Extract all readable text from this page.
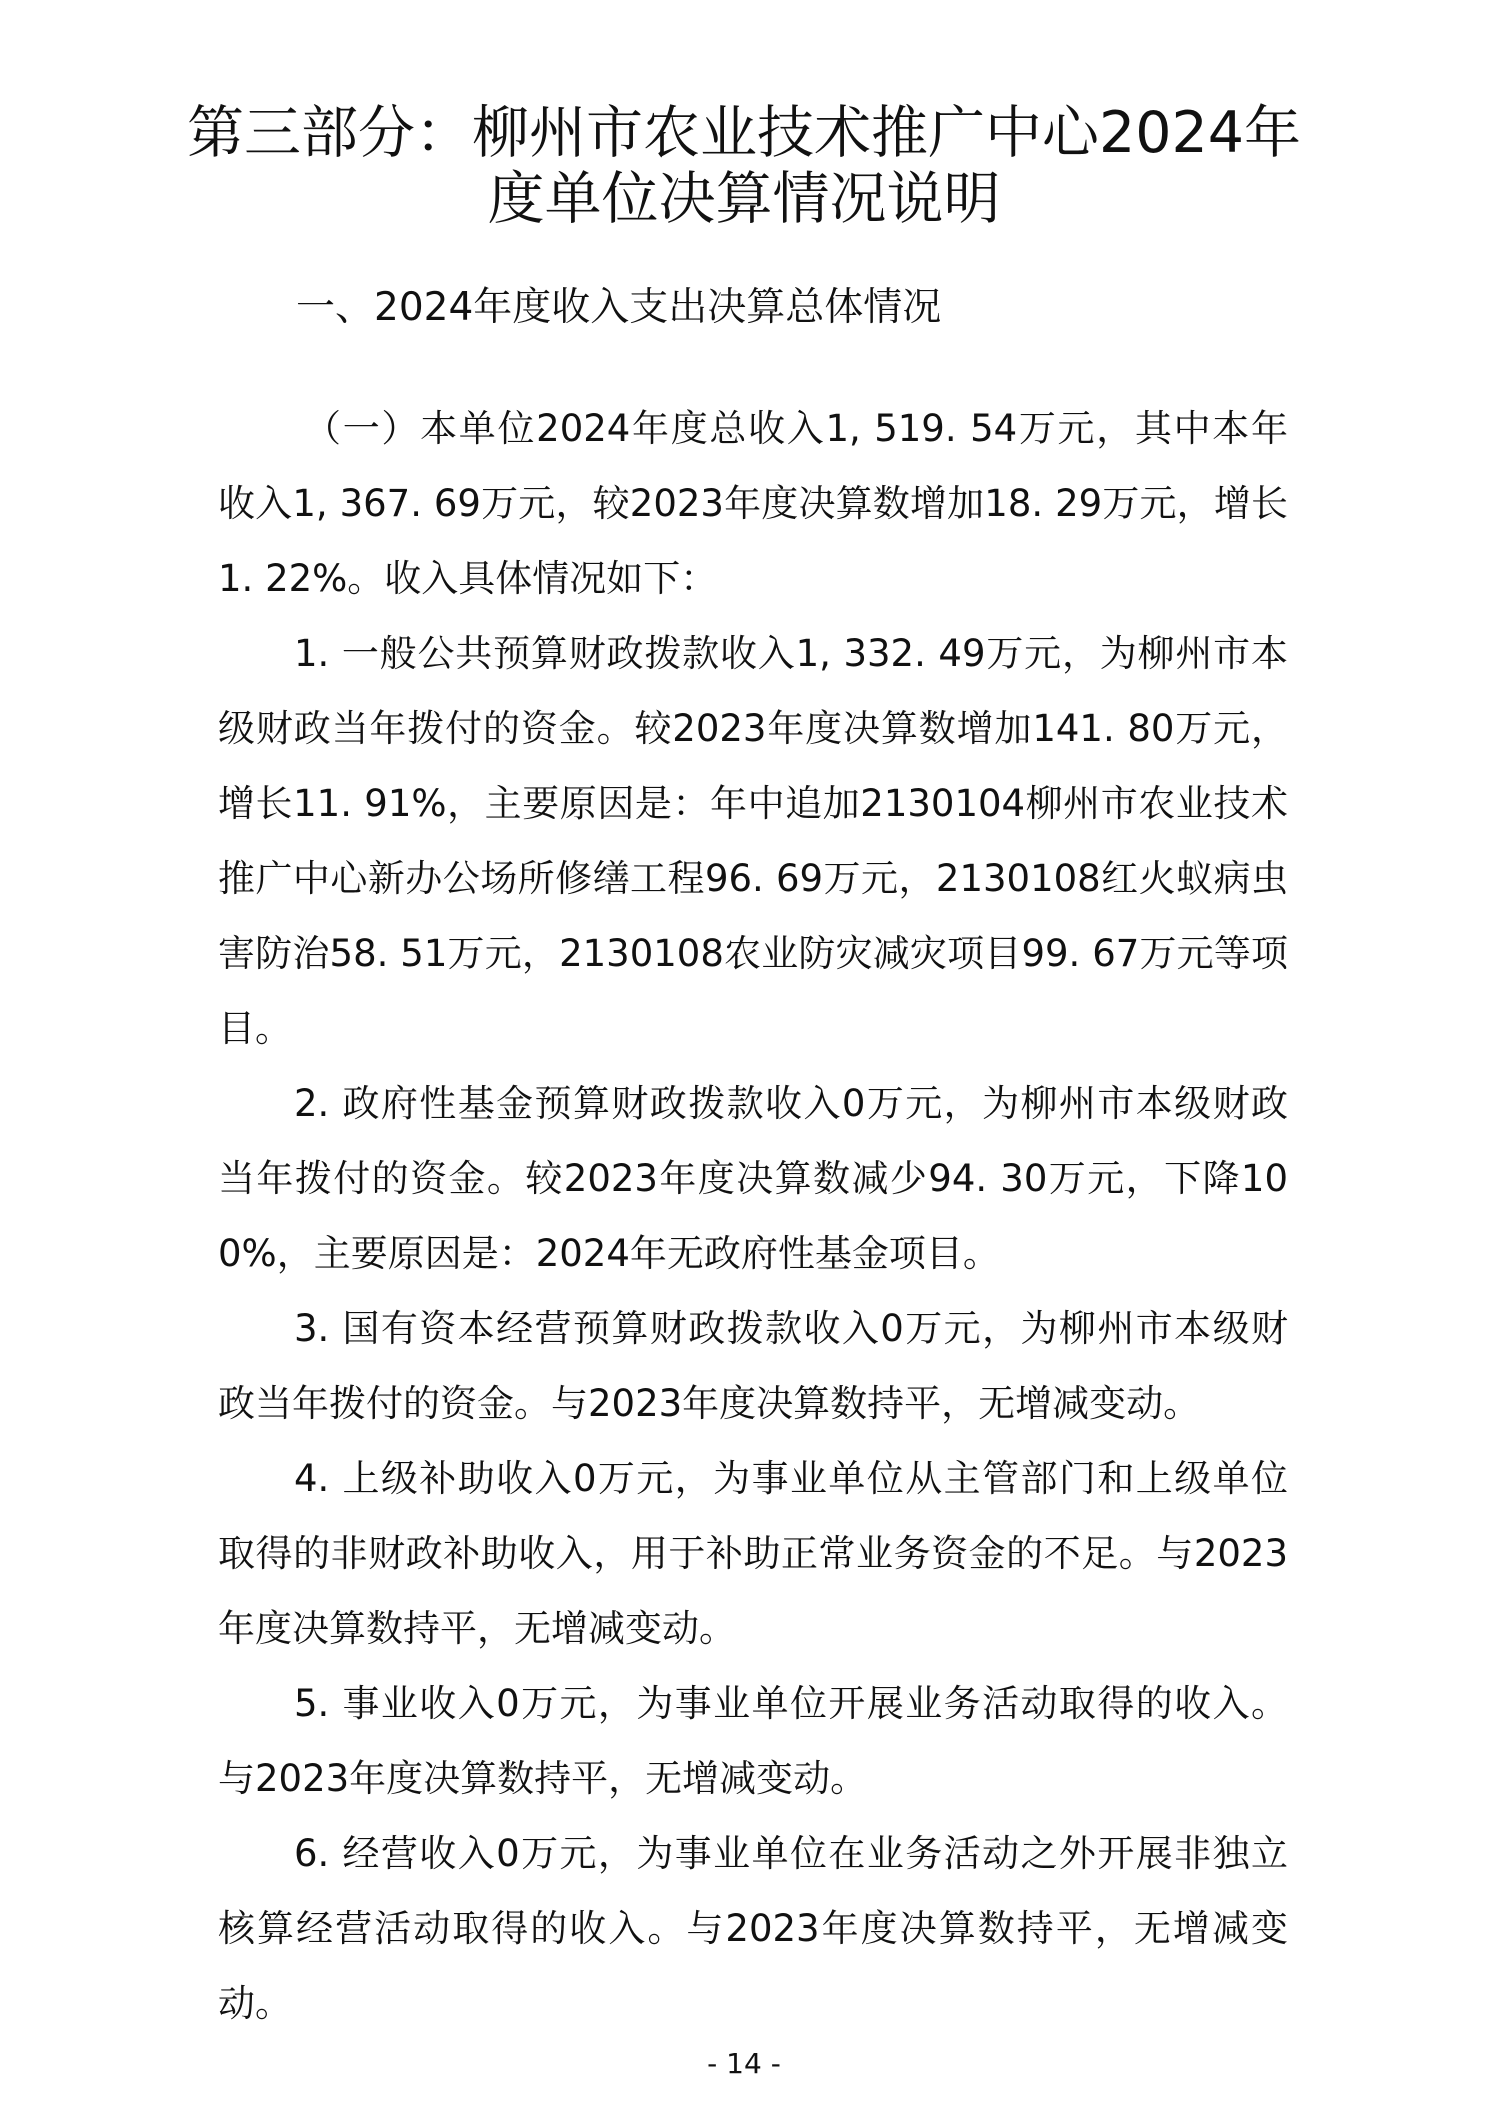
第三部分：柳州市农业技术推广中心2024年
度单位决算情况说明

一、2024年度收入支出决算总体情况

（一）本单位2024年度总收入1, 519. 54万元，其中本年收入1, 367. 69万元，较2023年度决算数增加18. 29万元，增长1. 22%。收入具体情况如下：

1. 一般公共预算财政拨款收入1, 332. 49万元，为柳州市本级财政当年拨付的资金。较2023年度决算数增加141. 80万元，增长11. 91%，主要原因是：年中追加2130104柳州市农业技术推广中心新办公场所修缮工程96. 69万元，2130108红火蚁病虫害防治58. 51万元，2130108农业防灾减灾项目99. 67万元等项目。

2. 政府性基金预算财政拨款收入0万元，为柳州市本级财政当年拨付的资金。较2023年度决算数减少94. 30万元，下降100%，主要原因是：2024年无政府性基金项目。

3. 国有资本经营预算财政拨款收入0万元，为柳州市本级财政当年拨付的资金。与2023年度决算数持平，无增减变动。

4. 上级补助收入0万元，为事业单位从主管部门和上级单位取得的非财政补助收入，用于补助正常业务资金的不足。与2023年度决算数持平，无增减变动。

5. 事业收入0万元，为事业单位开展业务活动取得的收入。与2023年度决算数持平，无增减变动。

6. 经营收入0万元，为事业单位在业务活动之外开展非独立核算经营活动取得的收入。与2023年度决算数持平，无增减变动。

- 14 -
